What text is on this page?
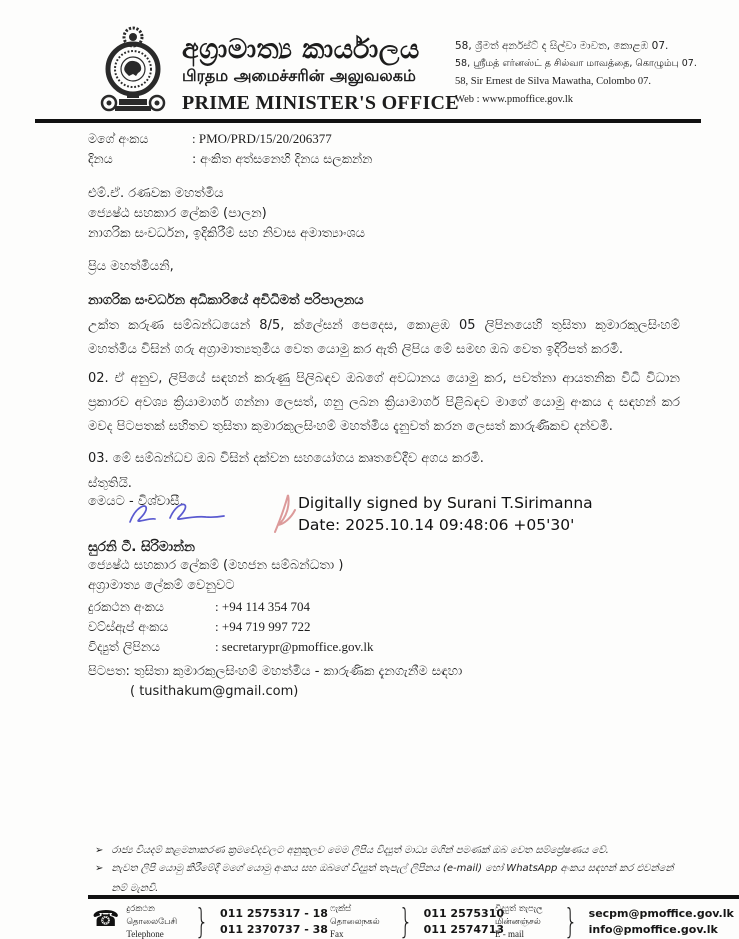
අග්‍රාමාත්‍ය කාර්යාලය
பிரதம அமைச்சரின் அலுவலகம்
PRIME MINISTER'S OFFICE
58, ශ්‍රීමත් අර්නස්ට් ද සිල්වා මාවත, කොළඹ 07.
58, ஸ்ரீமத் எர்னஸ்ட் த சில்வா மாவத்தை, கொழும்பு 07.
58, Sir Ernest de Silva Mawatha, Colombo 07.
Web : www.pmoffice.gov.lk
මගේ අංකය	: PMO/PRD/15/20/206377
දිනය	: අංකිත අත්සනෙහි දිනය සලකන්න
එම්.ඒ. රණවක මහත්මිය
ජ්‍යෙෂ්ඨ සහකාර ලේකම් (පාලන)
නාගරික සංවර්ධන, ඉදිකිරීම් සහ නිවාස අමාත්‍යාංශය
ප්‍රිය මහත්මියනි,
නාගරික සංවර්ධන අධිකාරියේ අවිධිමත් පරිපාලනය
උක්ත කරුණ සම්බන්ධයෙන් 8/5, ක්ලේසන් පෙදෙස, කොළඹ 05 ලිපිනයෙහි තුසිතා කුමාරකුලසිංහම් මහත්මිය විසින් ගරු අග්‍රාමාත්‍යතුමිය වෙත යොමු කර ඇති ලිපිය මේ සමඟ ඔබ වෙත ඉදිරිපත් කරමි.
02. ඒ අනුව, ලිපියේ සඳහන් කරුණු පිලිබඳව ඔබගේ අවධානය යොමු කර, පවත්නා ආයතනික විධි විධාන ප්‍රකාරව අවශ්‍ය ක්‍රියාමාර්ග ගන්නා ලෙසත්, ගනු ලබන ක්‍රියාමාර්ග පිළිබඳව මාගේ යොමු අංකය ද සඳහන් කර මවද පිටපතක් සහිතව තුසිතා කුමාරකුලසිංහම් මහත්මිය දැනුවත් කරන ලෙසත් කාරුණිකව දන්වමි.
03. මේ සම්බන්ධව ඔබ විසින් දක්වන සහයෝගය කෘතවේදීව අගය කරමි.
ස්තුතියි.
මෙයට - විශ්වාසී.	Digitally signed by Surani T.Sirimanna
Date: 2025.10.14 09:48:06 +05'30'
සුරනි ටී. සිරිමාන්න
ජ්‍යෙෂ්ඨ සහකාර ලේකම් (මහජන සම්බන්ධතා )
අග්‍රාමාත්‍ය ලේකම් වෙනුවට
දුරකථන අංකය	: +94 114 354 704
වට්ස්ඇප් අංකය	: +94 719 997 722
විද්‍යුත් ලිපිනය	: secretarypr@pmoffice.gov.lk
පිටපත: තුසිතා කුමාරකුලසිංහම් මහත්මිය - කාරුණික දැනගැනීම සඳහා
( tusithakum@gmail.com)
➢ රාජ්‍ය වියදම් කළමනාකරණ ක්‍රමවේදවලට අනුකූලව මෙම ලිපිය විද්‍යුත් මාධ්‍ය මගින් පමණක් ඔබ වෙත සම්ප්‍රේෂණය වේ.
➢ නැවත ලිපි යොමු කිරීමේදී මගේ යොමු අංකය සහ ඔබගේ විද්‍යුත් තැපැල් ලිපිනය (e-mail) හෝ WhatsApp අංකය සඳහන් කර එවන්නේ නම් මැනවි.
☎ දුරකථන
தொலைபேசி
Telephone } 011 2575317 - 18
011 2370737 - 38
ෆැක්ස්
தொலைநகல்
Fax	} 011 2575310
011 2574713
විද්‍යුත් තැපැල
மின்னஞ்சல்
E - mail	} secpm@pmoffice.gov.lk
info@pmoffice.gov.lk
